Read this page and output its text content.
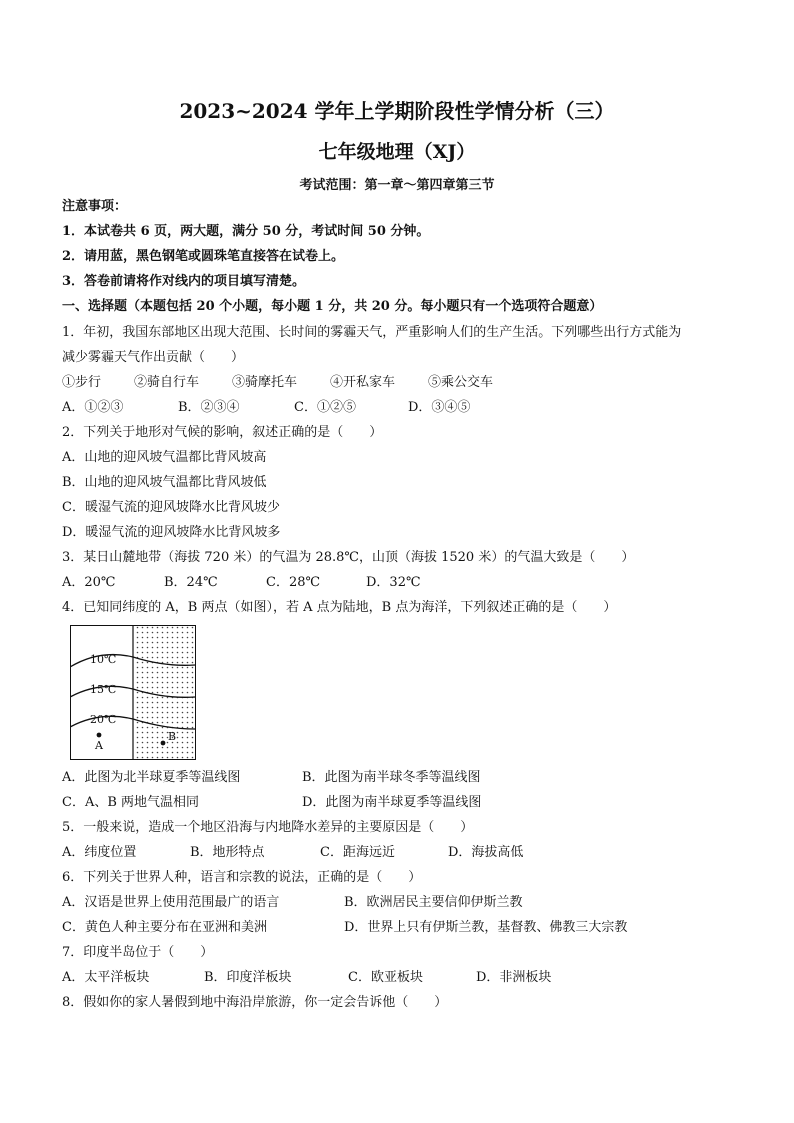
2023~2024 学年上学期阶段性学情分析（三）
七年级地理（XJ）
考试范围：第一章～第四章第三节
注意事项：
1．本试卷共 6 页，两大题，满分 50 分，考试时间 50 分钟。
2．请用蓝，黑色钢笔或圆珠笔直接答在试卷上。
3．答卷前请将作对线内的项目填写清楚。
一、选择题（本题包括 20 个小题，每小题 1 分，共 20 分。每小题只有一个选项符合题意）
1．年初，我国东部地区出现大范围、长时间的雾霾天气，严重影响人们的生产生活。下列哪些出行方式能为
减少雾霾天气作出贡献（　　）
①步行	②骑自行车	③骑摩托车	④开私家车	⑤乘公交车
A．①②③	B．②③④	C．①②⑤	D．③④⑤
2．下列关于地形对气候的影响，叙述正确的是（　　）
A．山地的迎风坡气温都比背风坡高
B．山地的迎风坡气温都比背风坡低
C．暖湿气流的迎风坡降水比背风坡少
D．暖湿气流的迎风坡降水比背风坡多
3．某日山麓地带（海拔 720 米）的气温为 28.8℃，山顶（海拔 1520 米）的气温大致是（　　）
A．20℃	B．24℃	C．28℃	D．32℃
4．已知同纬度的 A，B 两点（如图），若 A 点为陆地，B 点为海洋，下列叙述正确的是（　　）
10℃
15℃
20℃
A
B
A．此图为北半球夏季等温线图	B．此图为南半球冬季等温线图
C．A、B 两地气温相同	D．此图为南半球夏季等温线图
5．一般来说，造成一个地区沿海与内地降水差异的主要原因是（　　）
A．纬度位置	B．地形特点	C．距海远近	D．海拔高低
6．下列关于世界人种，语言和宗教的说法，正确的是（　　）
A．汉语是世界上使用范围最广的语言	B．欧洲居民主要信仰伊斯兰教
C．黄色人种主要分布在亚洲和美洲	D．世界上只有伊斯兰教，基督教、佛教三大宗教
7．印度半岛位于（　　）
A．太平洋板块	B．印度洋板块	C．欧亚板块	D．非洲板块
8．假如你的家人暑假到地中海沿岸旅游，你一定会告诉他（　　）
